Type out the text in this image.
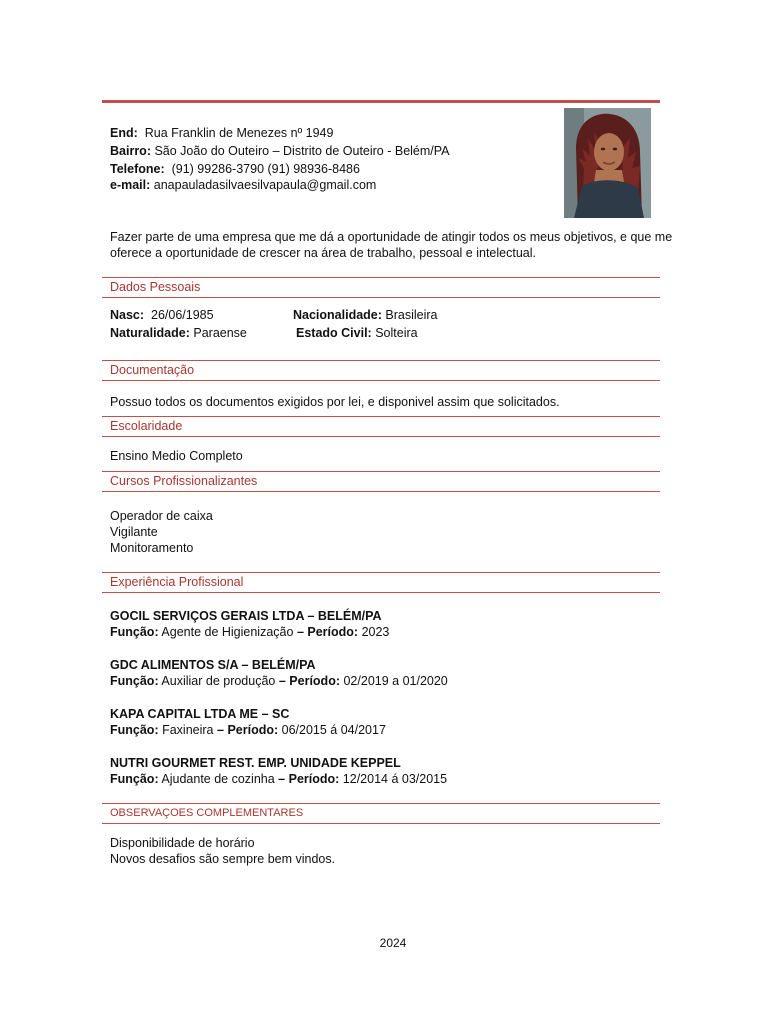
End: Rua Franklin de Menezes nº 1949
Bairro: São João do Outeiro – Distrito de Outeiro - Belém/PA
Telefone: (91) 99286-3790 (91) 98936-8486
e-mail: anapauladasilvaesilvapaula@gmail.com
Fazer parte de uma empresa que me dá a oportunidade de atingir todos os meus objetivos, e que me oferece a oportunidade de crescer na área de trabalho, pessoal e intelectual.
Dados Pessoais
Nasc: 26/06/1985	Nacionalidade: Brasileira
Naturalidade: Paraense	Estado Civil: Solteira
Documentação
Possuo todos os documentos exigidos por lei, e disponivel assim que solicitados.
Escolaridade
Ensino Medio Completo
Cursos Profissionalizantes
Operador de caixa
Vigilante
Monitoramento
Experiência Profissional
GOCIL SERVIÇOS GERAIS LTDA – BELÉM/PA
Função: Agente de Higienização – Período: 2023
GDC ALIMENTOS S/A – BELÉM/PA
Função: Auxiliar de produção – Período: 02/2019 a 01/2020
KAPA CAPITAL LTDA ME – SC
Função: Faxineira – Período: 06/2015 á 04/2017
NUTRI GOURMET REST. EMP. UNIDADE KEPPEL
Função: Ajudante de cozinha – Período: 12/2014 á 03/2015
OBSERVAÇOES COMPLEMENTARES
Disponibilidade de horário
Novos desafios são sempre bem vindos.
2024
